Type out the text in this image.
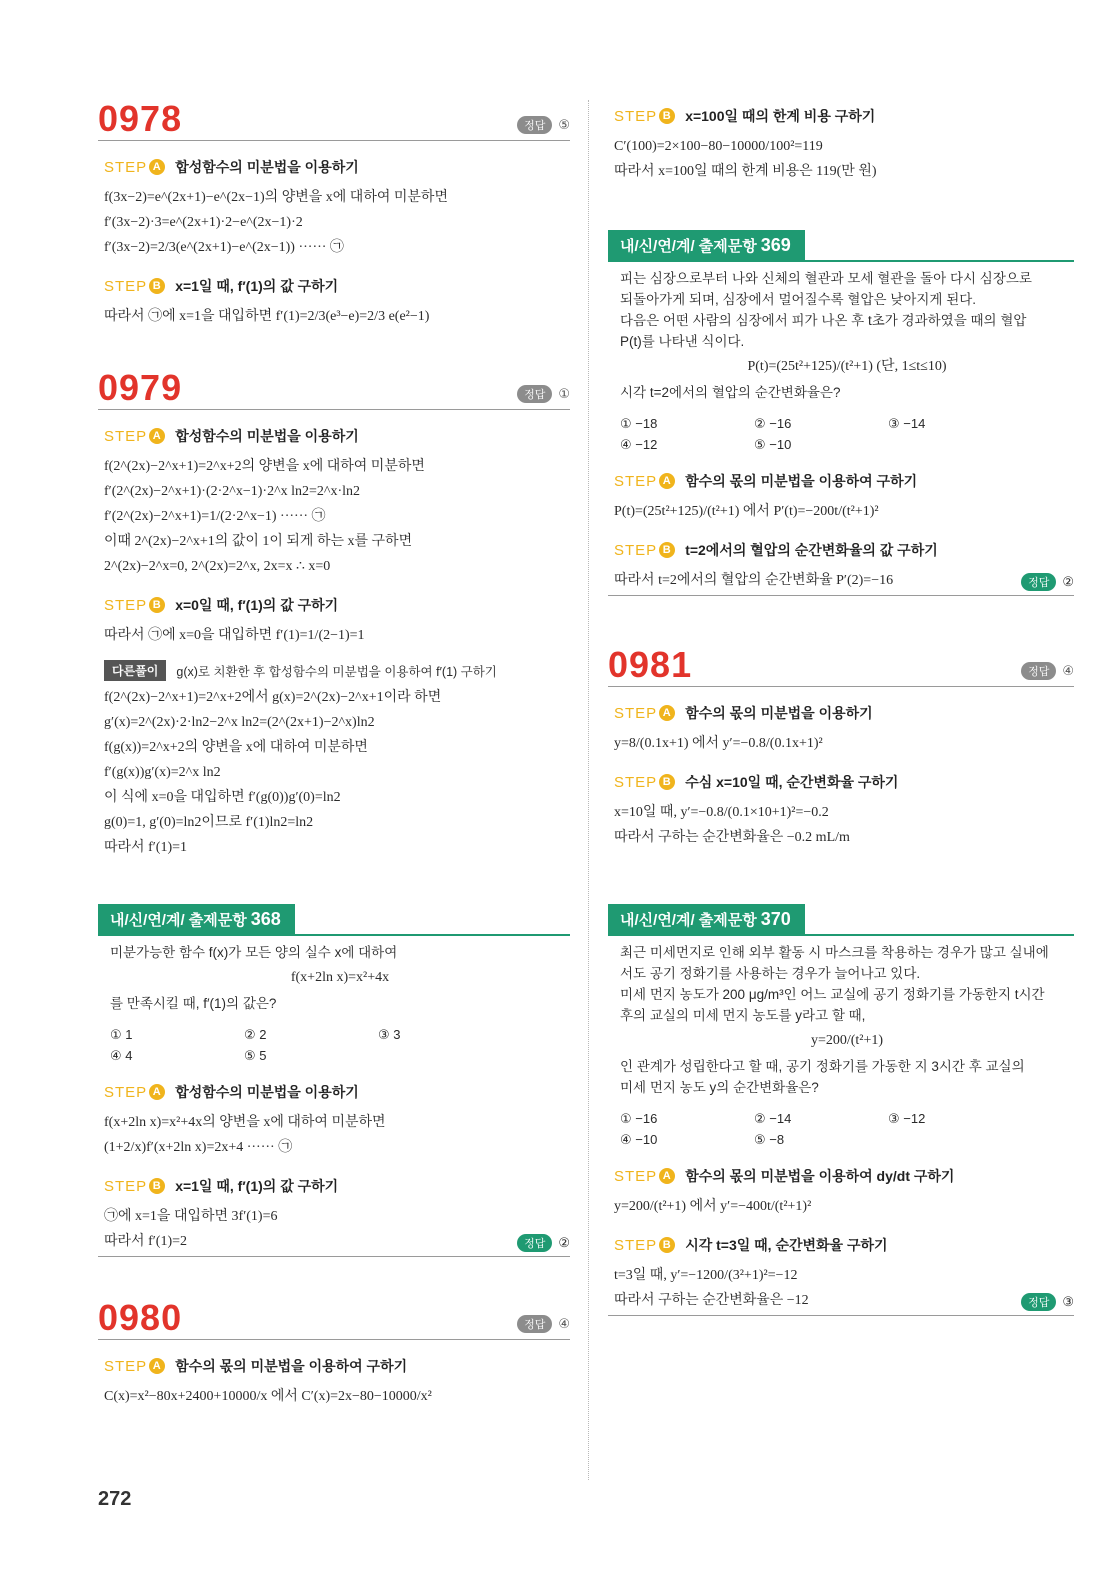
0978	정답	⑤
STEP A 합성함수의 미분법을 이용하기
f(3x−2)=e^(2x+1)−e^(2x−1)의 양변을 x에 대하여 미분하면
f′(3x−2)·3=e^(2x+1)·2−e^(2x−1)·2
f′(3x−2)=2/3(e^(2x+1)−e^(2x−1)) ······ ㉠
STEP B x=1일 때, f′(1)의 값 구하기
따라서 ㉠에 x=1을 대입하면 f′(1)=2/3(e³−e)=2/3 e(e²−1)
0979	정답	①
STEP A 합성함수의 미분법을 이용하기
f(2^(2x)−2^x+1)=2^x+2의 양변을 x에 대하여 미분하면
f′(2^(2x)−2^x+1)·(2·2^x−1)·2^x ln2=2^x·ln2
f′(2^(2x)−2^x+1)=1/(2·2^x−1) ······ ㉠
이때 2^(2x)−2^x+1의 값이 1이 되게 하는 x를 구하면
2^(2x)−2^x=0, 2^(2x)=2^x, 2x=x ∴ x=0
STEP B x=0일 때, f′(1)의 값 구하기
따라서 ㉠에 x=0을 대입하면 f′(1)=1/(2−1)=1
다른풀이	g(x)로 치환한 후 합성함수의 미분법을 이용하여 f′(1) 구하기
f(2^(2x)−2^x+1)=2^x+2에서 g(x)=2^(2x)−2^x+1이라 하면
g′(x)=2^(2x)·2·ln2−2^x ln2=(2^(2x+1)−2^x)ln2
f(g(x))=2^x+2의 양변을 x에 대하여 미분하면
f′(g(x))g′(x)=2^x ln2
이 식에 x=0을 대입하면 f′(g(0))g′(0)=ln2
g(0)=1, g′(0)=ln2이므로 f′(1)ln2=ln2
따라서 f′(1)=1
내/신/연/계/ 출제문항 368
미분가능한 함수 f(x)가 모든 양의 실수 x에 대하여
f(x+2ln x)=x²+4x
를 만족시킬 때, f′(1)의 값은?
① 1	② 2	③ 3
④ 4	⑤ 5
STEP A 합성함수의 미분법을 이용하기
f(x+2ln x)=x²+4x의 양변을 x에 대하여 미분하면
(1+2/x)f′(x+2ln x)=2x+4 ······ ㉠
STEP B x=1일 때, f′(1)의 값 구하기
㉠에 x=1을 대입하면 3f′(1)=6
따라서 f′(1)=2	정답	②
0980	정답	④
STEP A 함수의 몫의 미분법을 이용하여 구하기
C(x)=x²−80x+2400+10000/x 에서 C′(x)=2x−80−10000/x²
STEP B x=100일 때의 한계 비용 구하기
C′(100)=2×100−80−10000/100²=119
따라서 x=100일 때의 한계 비용은 119(만 원)
내/신/연/계/ 출제문항 369
피는 심장으로부터 나와 신체의 혈관과 모세 혈관을 돌아 다시 심장으로
되돌아가게 되며, 심장에서 멀어질수록 혈압은 낮아지게 된다.
다음은 어떤 사람의 심장에서 피가 나온 후 t초가 경과하였을 때의 혈압
P(t)를 나타낸 식이다.
P(t)=(25t²+125)/(t²+1) (단, 1≤t≤10)
시각 t=2에서의 혈압의 순간변화율은?
① −18	② −16	③ −14
④ −12	⑤ −10
STEP A 함수의 몫의 미분법을 이용하여 구하기
P(t)=(25t²+125)/(t²+1) 에서 P′(t)=−200t/(t²+1)²
STEP B t=2에서의 혈압의 순간변화율의 값 구하기
따라서 t=2에서의 혈압의 순간변화율 P′(2)=−16	정답	②
0981	정답	④
STEP A 함수의 몫의 미분법을 이용하기
y=8/(0.1x+1) 에서 y′=−0.8/(0.1x+1)²
STEP B 수심 x=10일 때, 순간변화율 구하기
x=10일 때, y′=−0.8/(0.1×10+1)²=−0.2
따라서 구하는 순간변화율은 −0.2 mL/m
내/신/연/계/ 출제문항 370
최근 미세먼지로 인해 외부 활동 시 마스크를 착용하는 경우가 많고 실내에
서도 공기 정화기를 사용하는 경우가 늘어나고 있다.
미세 먼지 농도가 200 μg/m³인 어느 교실에 공기 정화기를 가동한지 t시간
후의 교실의 미세 먼지 농도를 y라고 할 때,
y=200/(t²+1)
인 관계가 성립한다고 할 때, 공기 정화기를 가동한 지 3시간 후 교실의
미세 먼지 농도 y의 순간변화율은?
① −16	② −14	③ −12
④ −10	⑤ −8
STEP A 함수의 몫의 미분법을 이용하여 dy/dt 구하기
y=200/(t²+1) 에서 y′=−400t/(t²+1)²
STEP B 시각 t=3일 때, 순간변화율 구하기
t=3일 때, y′=−1200/(3²+1)²=−12
따라서 구하는 순간변화율은 −12	정답	③
272
